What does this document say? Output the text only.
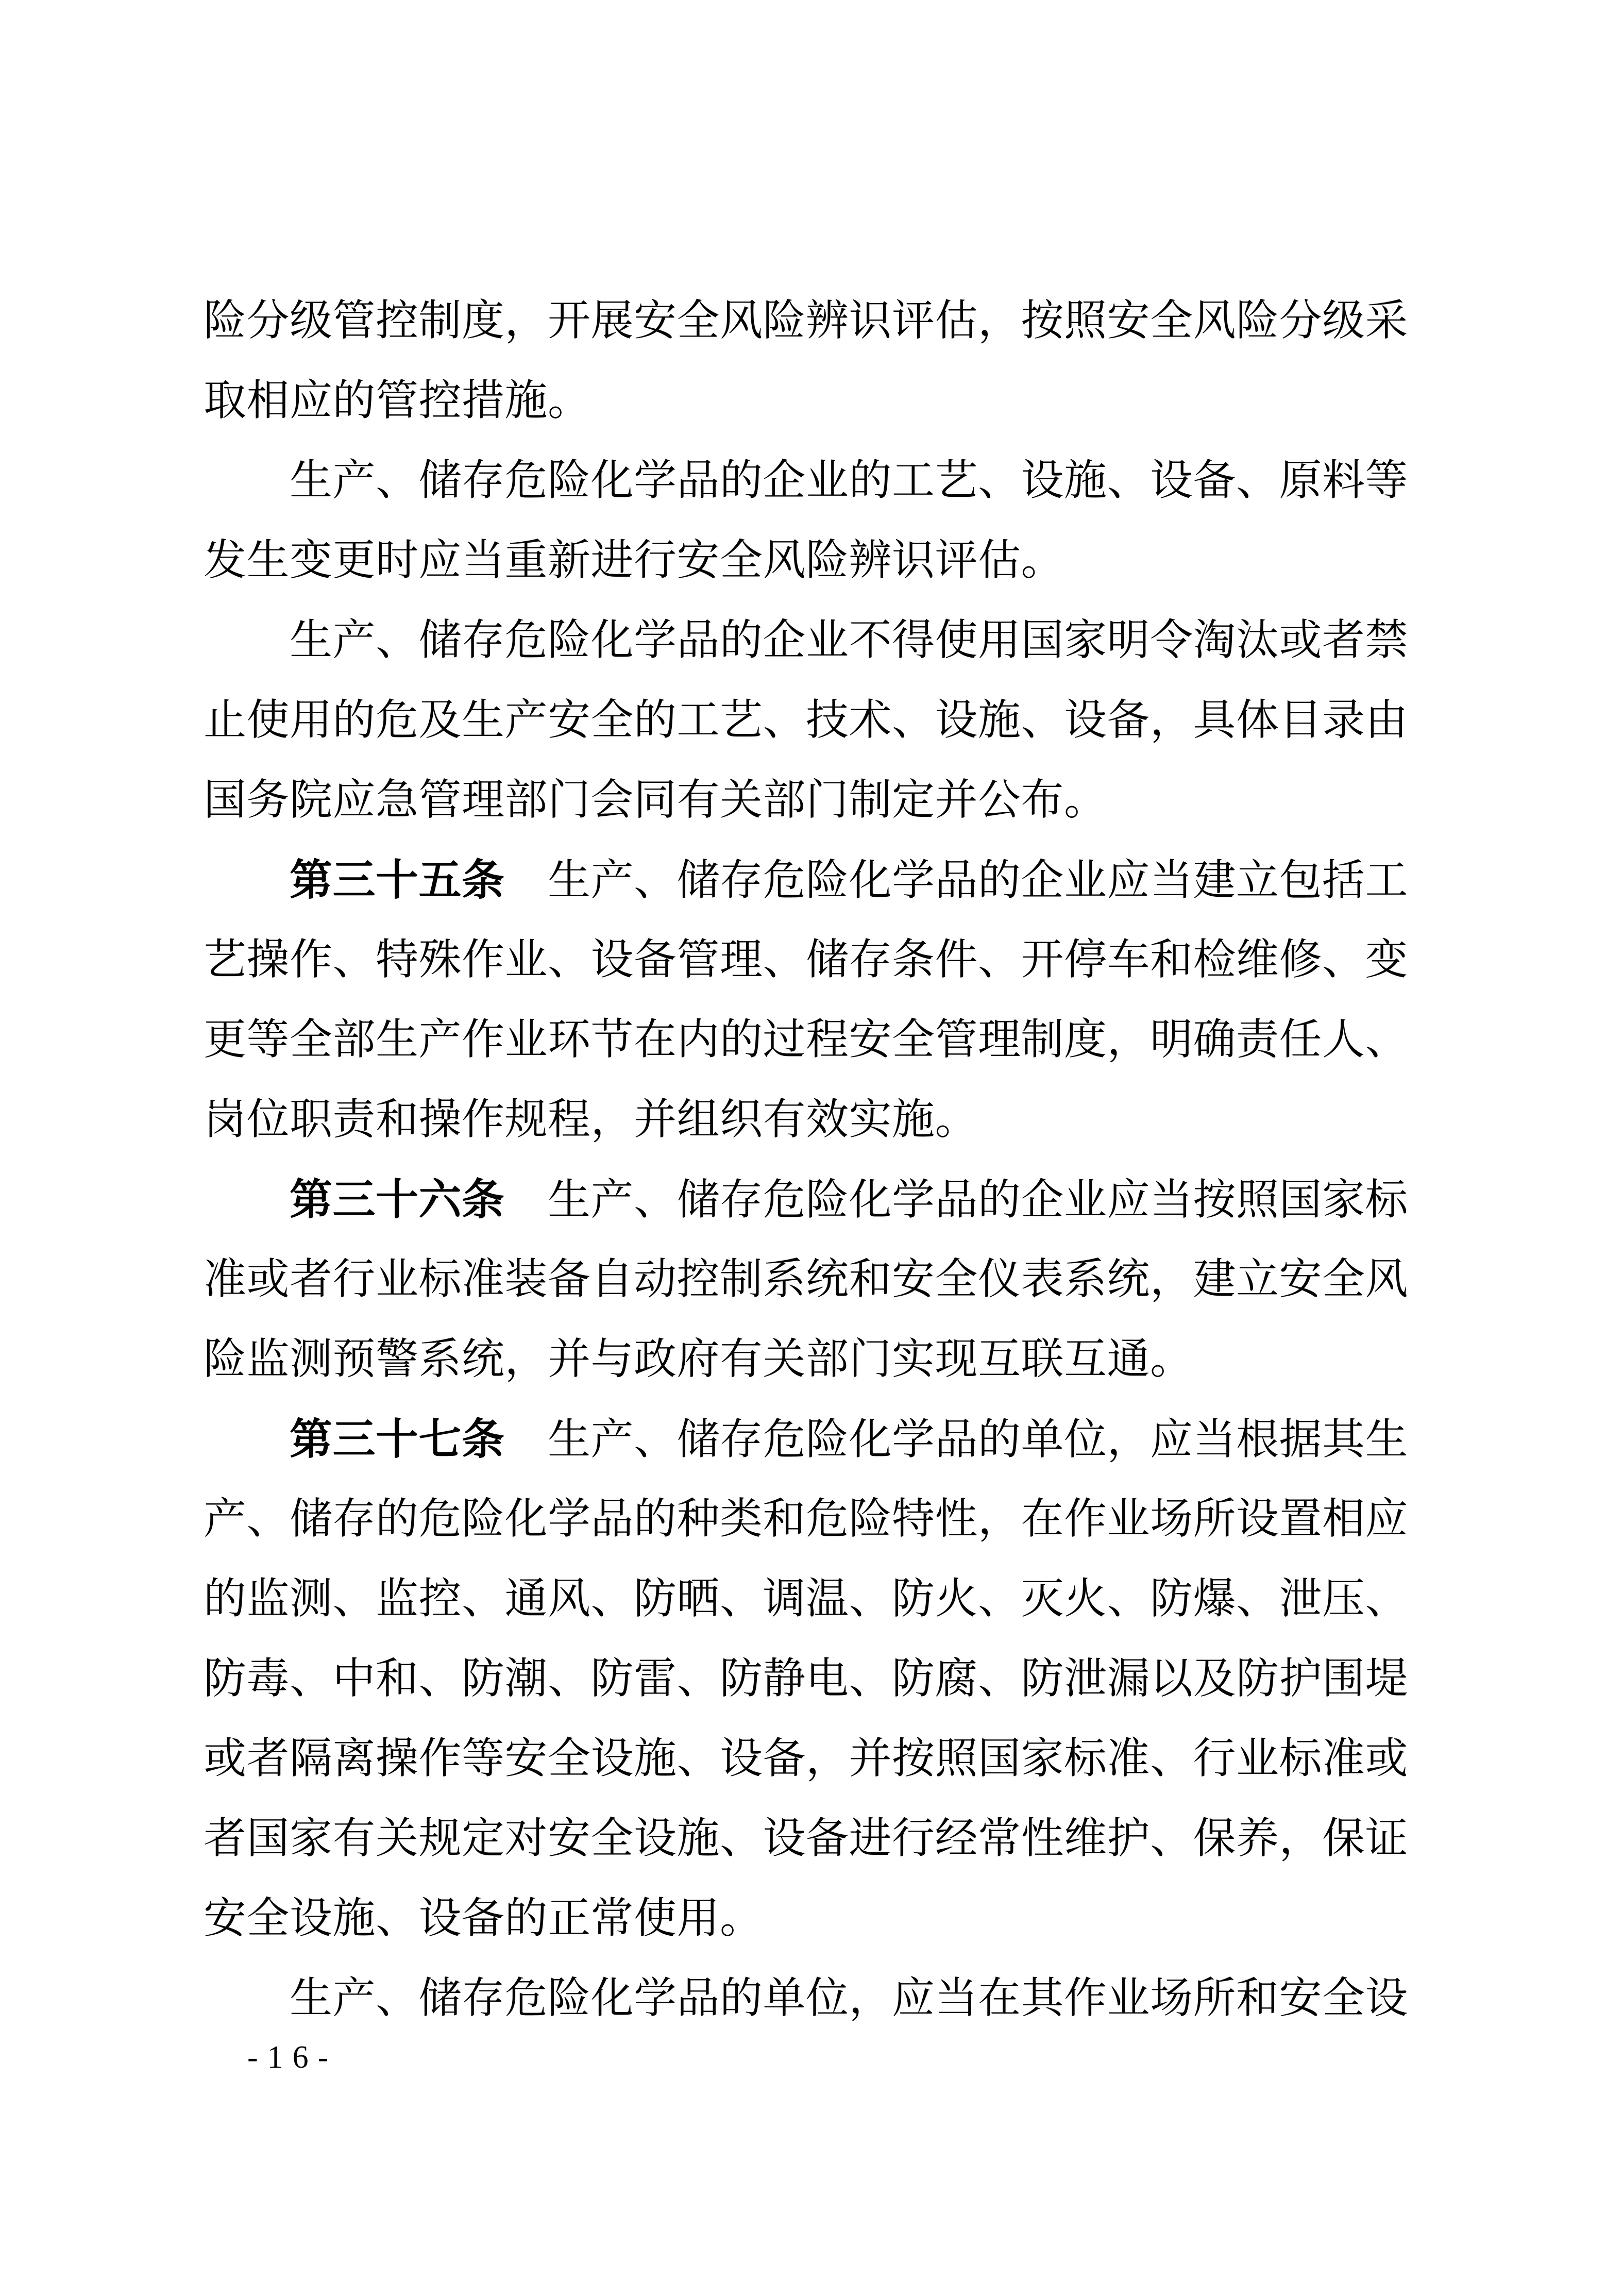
险分级管控制度，开展安全风险辨识评估，按照安全风险分级采
取相应的管控措施。
生产、储存危险化学品的企业的工艺、设施、设备、原料等
发生变更时应当重新进行安全风险辨识评估。
生产、储存危险化学品的企业不得使用国家明令淘汰或者禁
止使用的危及生产安全的工艺、技术、设施、设备，具体目录由
国务院应急管理部门会同有关部门制定并公布。
第三十五条　生产、储存危险化学品的企业应当建立包括工
艺操作、特殊作业、设备管理、储存条件、开停车和检维修、变
更等全部生产作业环节在内的过程安全管理制度，明确责任人、
岗位职责和操作规程，并组织有效实施。
第三十六条　生产、储存危险化学品的企业应当按照国家标
准或者行业标准装备自动控制系统和安全仪表系统，建立安全风
险监测预警系统，并与政府有关部门实现互联互通。
第三十七条　生产、储存危险化学品的单位，应当根据其生
产、储存的危险化学品的种类和危险特性，在作业场所设置相应
的监测、监控、通风、防晒、调温、防火、灭火、防爆、泄压、
防毒、中和、防潮、防雷、防静电、防腐、防泄漏以及防护围堤
或者隔离操作等安全设施、设备，并按照国家标准、行业标准或
者国家有关规定对安全设施、设备进行经常性维护、保养，保证
安全设施、设备的正常使用。
生产、储存危险化学品的单位，应当在其作业场所和安全设
-16-
